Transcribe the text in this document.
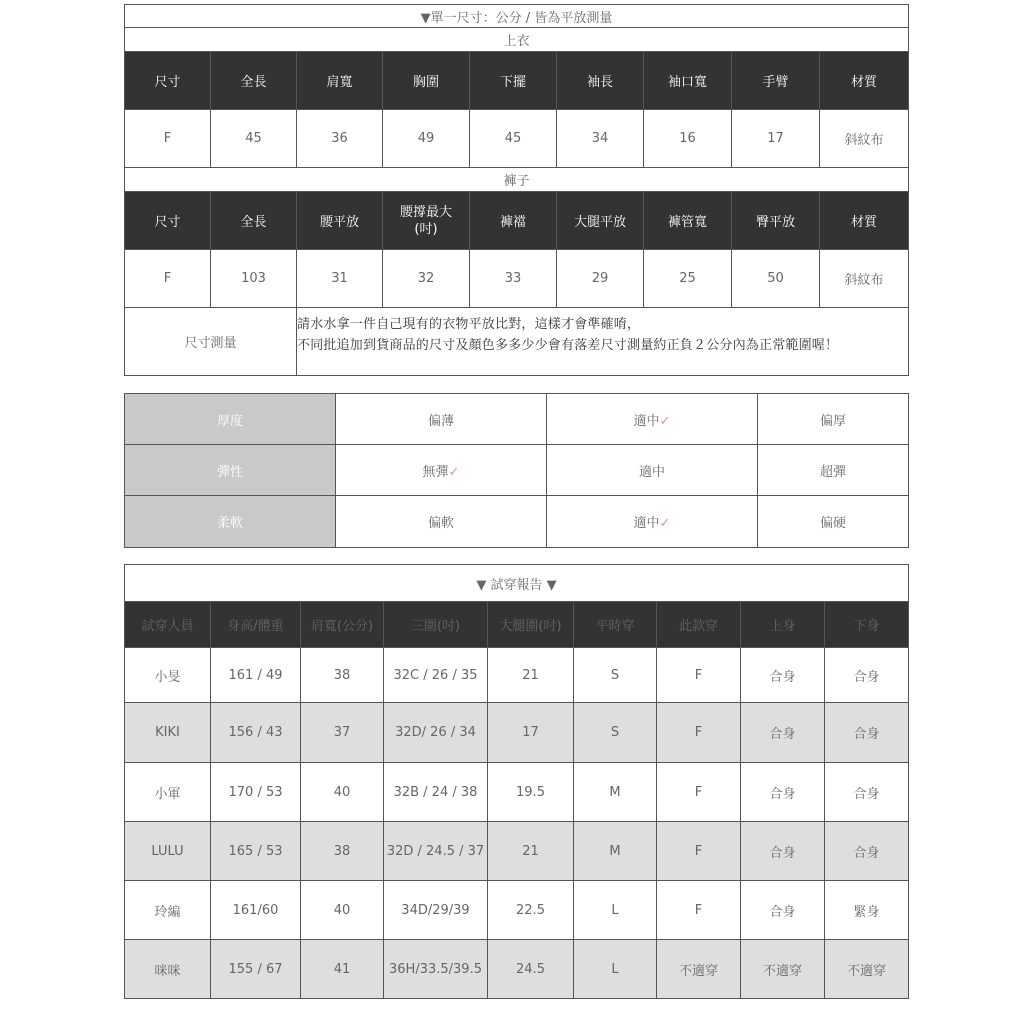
▼單一尺寸：公分 / 皆為平放測量								
上衣								
尺寸	全長	肩寬	胸圍	下擺	袖長	袖口寬	手臂	材質
F	45	36	49	45	34	16	17	斜紋布
褲子								
尺寸	全長	腰平放	腰撐最大
(吋)	褲襠	大腿平放	褲管寬	臀平放	材質
F	103	31	32	33	29	25	50	斜紋布
尺寸測量		請水水拿一件自己現有的衣物平放比對，這樣才會準確唷，
不同批追加到貨商品的尺寸及顏色多多少少會有落差尺寸測量約正負２公分內為正常範圍喔！						
厚度	偏薄	適中✓	偏厚
彈性	無彈✓	適中	超彈
柔軟	偏軟	適中✓	偏硬
▼ 試穿報告 ▼								
試穿人員	身高/體重	肩寬(公分)	三圍(吋)	大腿圍(吋)	平時穿	此款穿	上身	下身
小旻	161 / 49	38	32C / 26 / 35	21	S	F	合身	合身
KIKI	156 / 43	37	32D/ 26 / 34	17	S	F	合身	合身
小軍	170 / 53	40	32B / 24 / 38	19.5	M	F	合身	合身
LULU	165 / 53	38	32D / 24.5 / 37	21	M	F	合身	合身
玲編	161/60	40	34D/29/39	22.5	L	F	合身	緊身
咪咪	155 / 67	41	36H/33.5/39.5	24.5	L	不適穿	不適穿	不適穿
